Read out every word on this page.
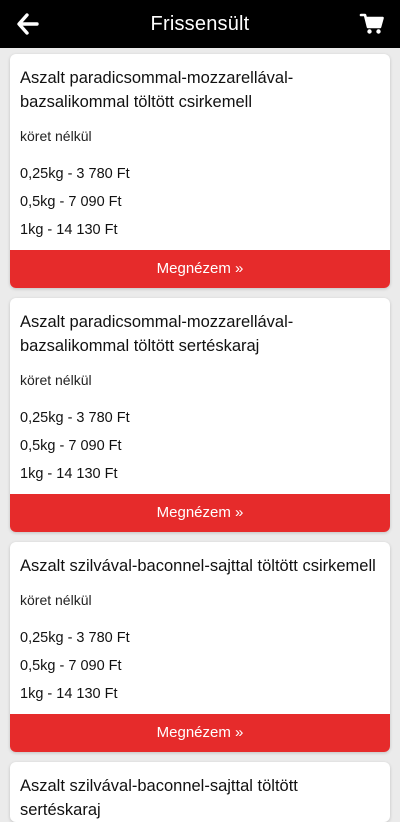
Frissensült
Aszalt paradicsommal-mozzarellával-bazsalikommal töltött csirkemell
köret nélkül
0,25kg - 3 780 Ft
0,5kg - 7 090 Ft
1kg - 14 130 Ft
Megnézem »
Aszalt paradicsommal-mozzarellával-bazsalikommal töltött sertéskaraj
köret nélkül
0,25kg - 3 780 Ft
0,5kg - 7 090 Ft
1kg - 14 130 Ft
Megnézem »
Aszalt szilvával-baconnel-sajttal töltött csirkemell
köret nélkül
0,25kg - 3 780 Ft
0,5kg - 7 090 Ft
1kg - 14 130 Ft
Megnézem »
Aszalt szilvával-baconnel-sajttal töltött sertéskaraj
